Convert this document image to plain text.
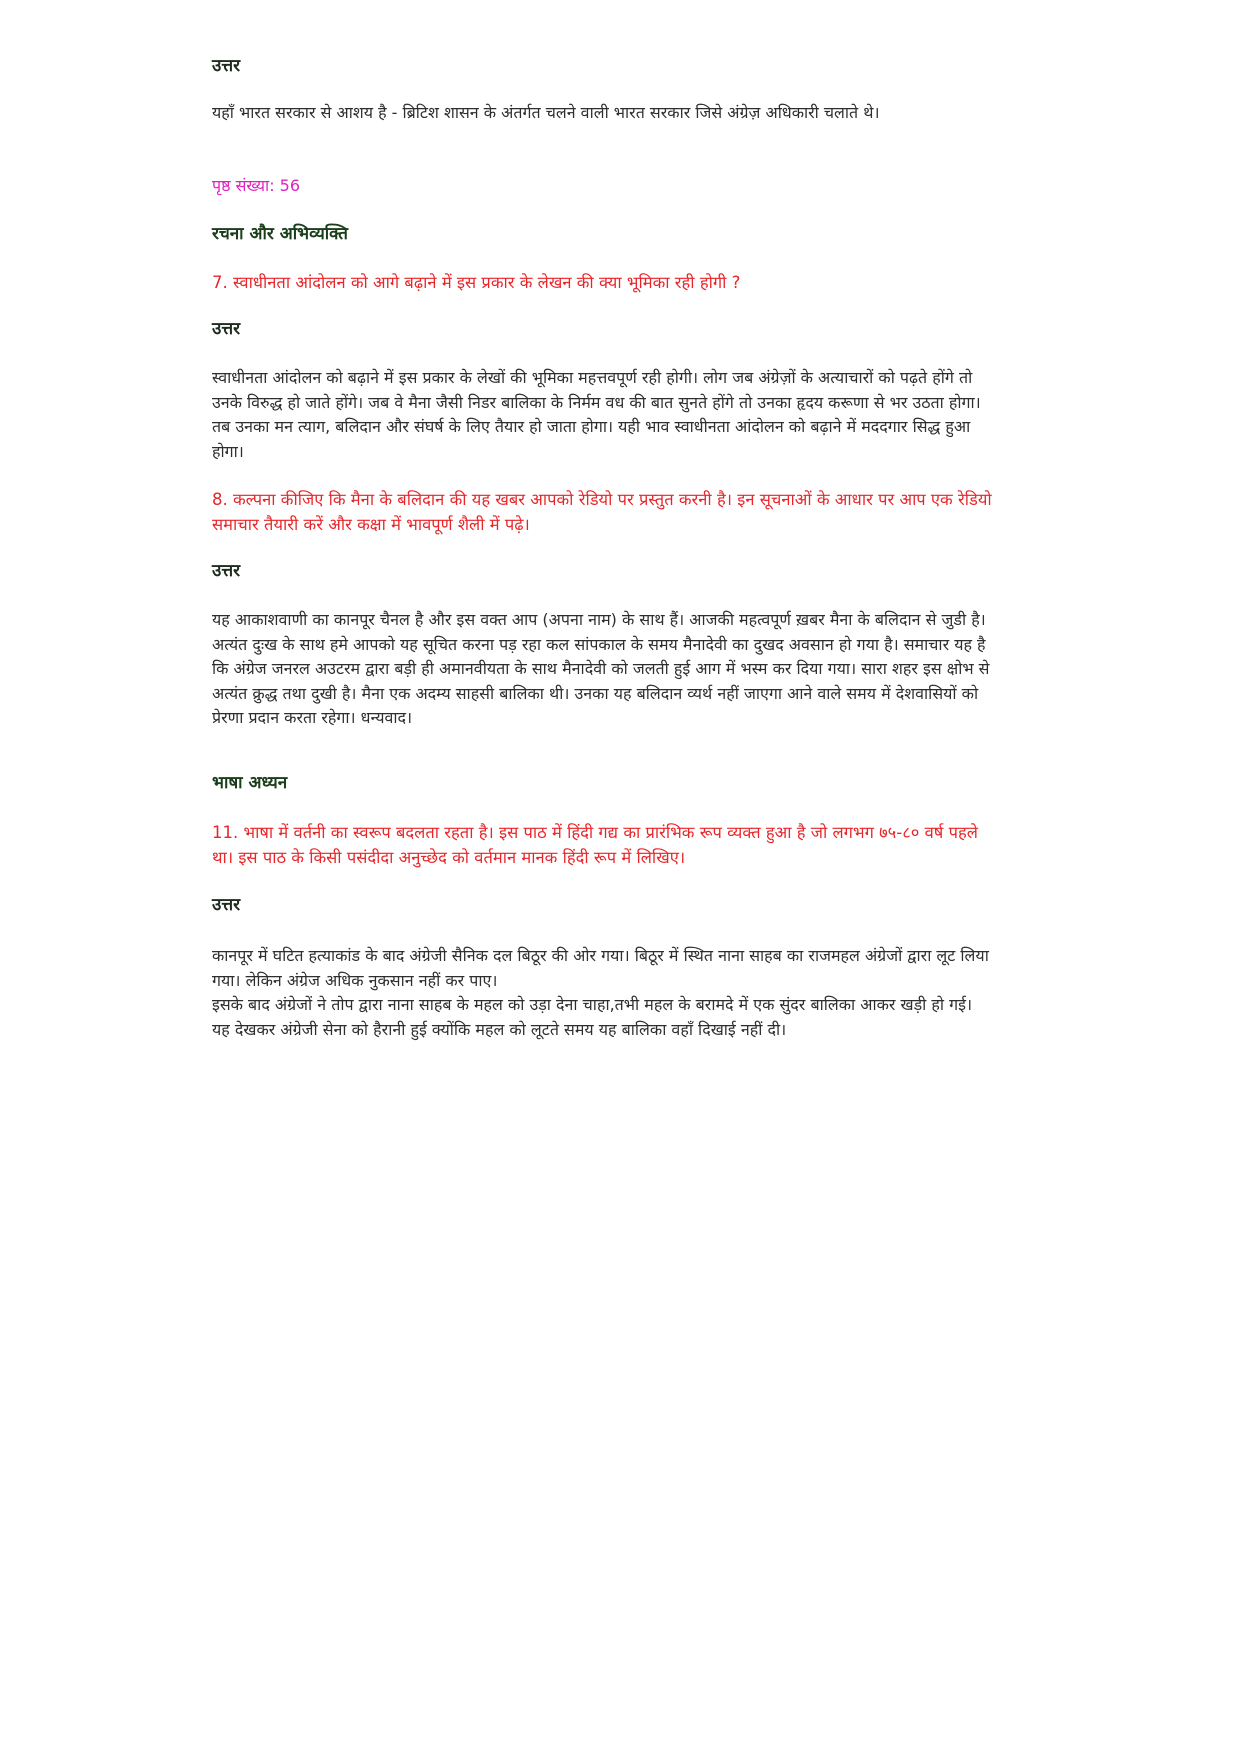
उत्तर
यहाँ भारत सरकार से आशय है - ब्रिटिश शासन के अंतर्गत चलने वाली भारत सरकार जिसे अंग्रेज़ अधिकारी चलाते थे।
पृष्ठ संख्या: 56
रचना और अभिव्यक्ति
7. स्वाधीनता आंदोलन को आगे बढ़ाने में इस प्रकार के लेखन की क्या भूमिका रही होगी ?
उत्तर
स्वाधीनता आंदोलन को बढ़ाने में इस प्रकार के लेखों की भूमिका महत्तवपूर्ण रही होगी। लोग जब अंग्रेज़ों के अत्याचारों को पढ़ते होंगे तो उनके विरुद्ध हो जाते होंगे। जब वे मैना जैसी निडर बालिका के निर्मम वध की बात सुनते होंगे तो उनका हृदय करूणा से भर उठता होगा। तब उनका मन त्याग, बलिदान और संघर्ष के लिए तैयार हो जाता होगा। यही भाव स्वाधीनता आंदोलन को बढ़ाने में मददगार सिद्ध हुआ होगा।
8. कल्पना कीजिए कि मैना के बलिदान की यह खबर आपको रेडियो पर प्रस्तुत करनी है। इन सूचनाओं के आधार पर आप एक रेडियो समाचार तैयारी करें और कक्षा में भावपूर्ण शैली में पढ़े।
उत्तर
यह आकाशवाणी का कानपूर चैनल है और इस वक्त आप (अपना नाम) के साथ हैं। आजकी महत्वपूर्ण ख़बर मैना के बलिदान से जुडी है। अत्यंत दुःख के साथ हमे आपको यह सूचित करना पड़ रहा कल सांपकाल के समय मैनादेवी का दुखद अवसान हो गया है। समाचार यह है कि अंग्रेज जनरल अउटरम द्वारा बड़ी ही अमानवीयता के साथ मैनादेवी को जलती हुई आग में भस्म कर दिया गया। सारा शहर इस क्षोभ से अत्यंत क्रुद्ध तथा दुखी है। मैना एक अदम्य साहसी बालिका थी। उनका यह बलिदान व्यर्थ नहीं जाएगा आने वाले समय में देशवासियों को प्रेरणा प्रदान करता रहेगा। धन्यवाद।
भाषा अध्यन
11. भाषा में वर्तनी का स्वरूप बदलता रहता है। इस पाठ में हिंदी गद्य का प्रारंभिक रूप व्यक्त हुआ है जो लगभग ७५-८० वर्ष पहले था। इस पाठ के किसी पसंदीदा अनुच्छेद को वर्तमान मानक हिंदी रूप में लिखिए।
उत्तर

कानपूर में घटित हत्याकांड के बाद अंग्रेजी सैनिक दल बिठूर की ओर गया। बिठूर में स्थित नाना साहब का राजमहल अंग्रेजों द्वारा लूट लिया गया। लेकिन अंग्रेज अधिक नुकसान नहीं कर पाए।

इसके बाद अंग्रेजों ने तोप द्वारा नाना साहब के महल को उड़ा देना चाहा,तभी महल के बरामदे में एक सुंदर बालिका आकर खड़ी हो गई। यह देखकर अंग्रेजी सेना को हैरानी हुई क्योंकि महल को लूटते समय यह बालिका वहाँ दिखाई नहीं दी।
